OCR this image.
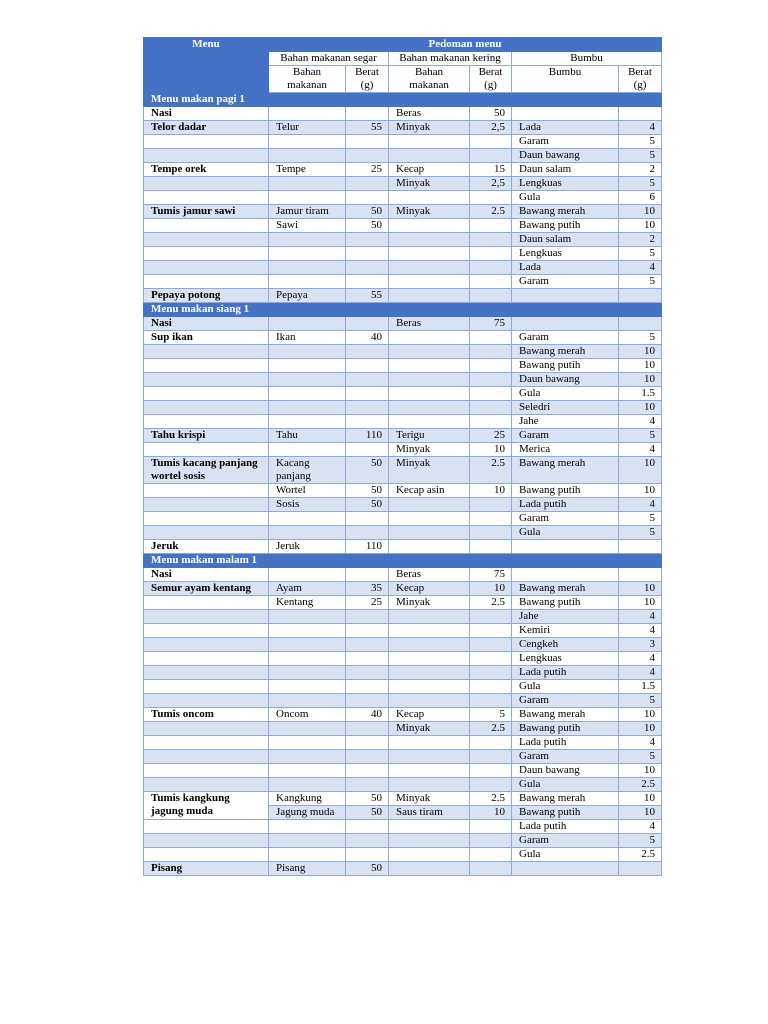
Menu	Pedoman menu					
	Bahan makanan segar		Bahan makanan kering		Bumbu	
	Bahan makanan	Berat (g)	Bahan makanan	Berat (g)	Bumbu	Berat (g)
Menu makan pagi 1						
Nasi			Beras	50		
Telor dadar	Telur	55	Minyak	2,5	Lada	4
					Garam	5
					Daun bawang	5
Tempe orek	Tempe	25	Kecap	15	Daun salam	2
			Minyak	2,5	Lengkuas	5
					Gula	6
Tumis jamur sawi	Jamur tiram	50	Minyak	2.5	Bawang merah	10
	Sawi	50			Bawang putih	10
					Daun salam	2
					Lengkuas	5
					Lada	4
					Garam	5
Pepaya potong	Pepaya	55				
Menu makan siang 1						
Nasi			Beras	75		
Sup ikan	Ikan	40			Garam	5
					Bawang merah	10
					Bawang putih	10
					Daun bawang	10
					Gula	1.5
					Seledri	10
					Jahe	4
Tahu krispi	Tahu	110	Terigu	25	Garam	5
			Minyak	10	Merica	4
Tumis kacang panjang wortel sosis	Kacang panjang	50	Minyak	2.5	Bawang merah	10
	Wortel	50	Kecap asin	10	Bawang putih	10
	Sosis	50			Lada putih	4
					Garam	5
					Gula	5
Jeruk	Jeruk	110				
Menu makan malam 1						
Nasi			Beras	75		
Semur ayam kentang	Ayam	35	Kecap	10	Bawang merah	10
	Kentang	25	Minyak	2.5	Bawang putih	10
					Jahe	4
					Kemiri	4
					Cengkeh	3
					Lengkuas	4
					Lada putih	4
					Gula	1.5
					Garam	5
Tumis oncom	Oncom	40	Kecap	5	Bawang merah	10
			Minyak	2.5	Bawang putih	10
					Lada putih	4
					Garam	5
					Daun bawang	10
					Gula	2.5
Tumis kangkung jagung muda	Kangkung	50	Minyak	2.5	Bawang merah	10
	Jagung muda	50	Saus tiram	10	Bawang putih	10
					Lada putih	4
					Garam	5
					Gula	2.5
Pisang	Pisang	50				
